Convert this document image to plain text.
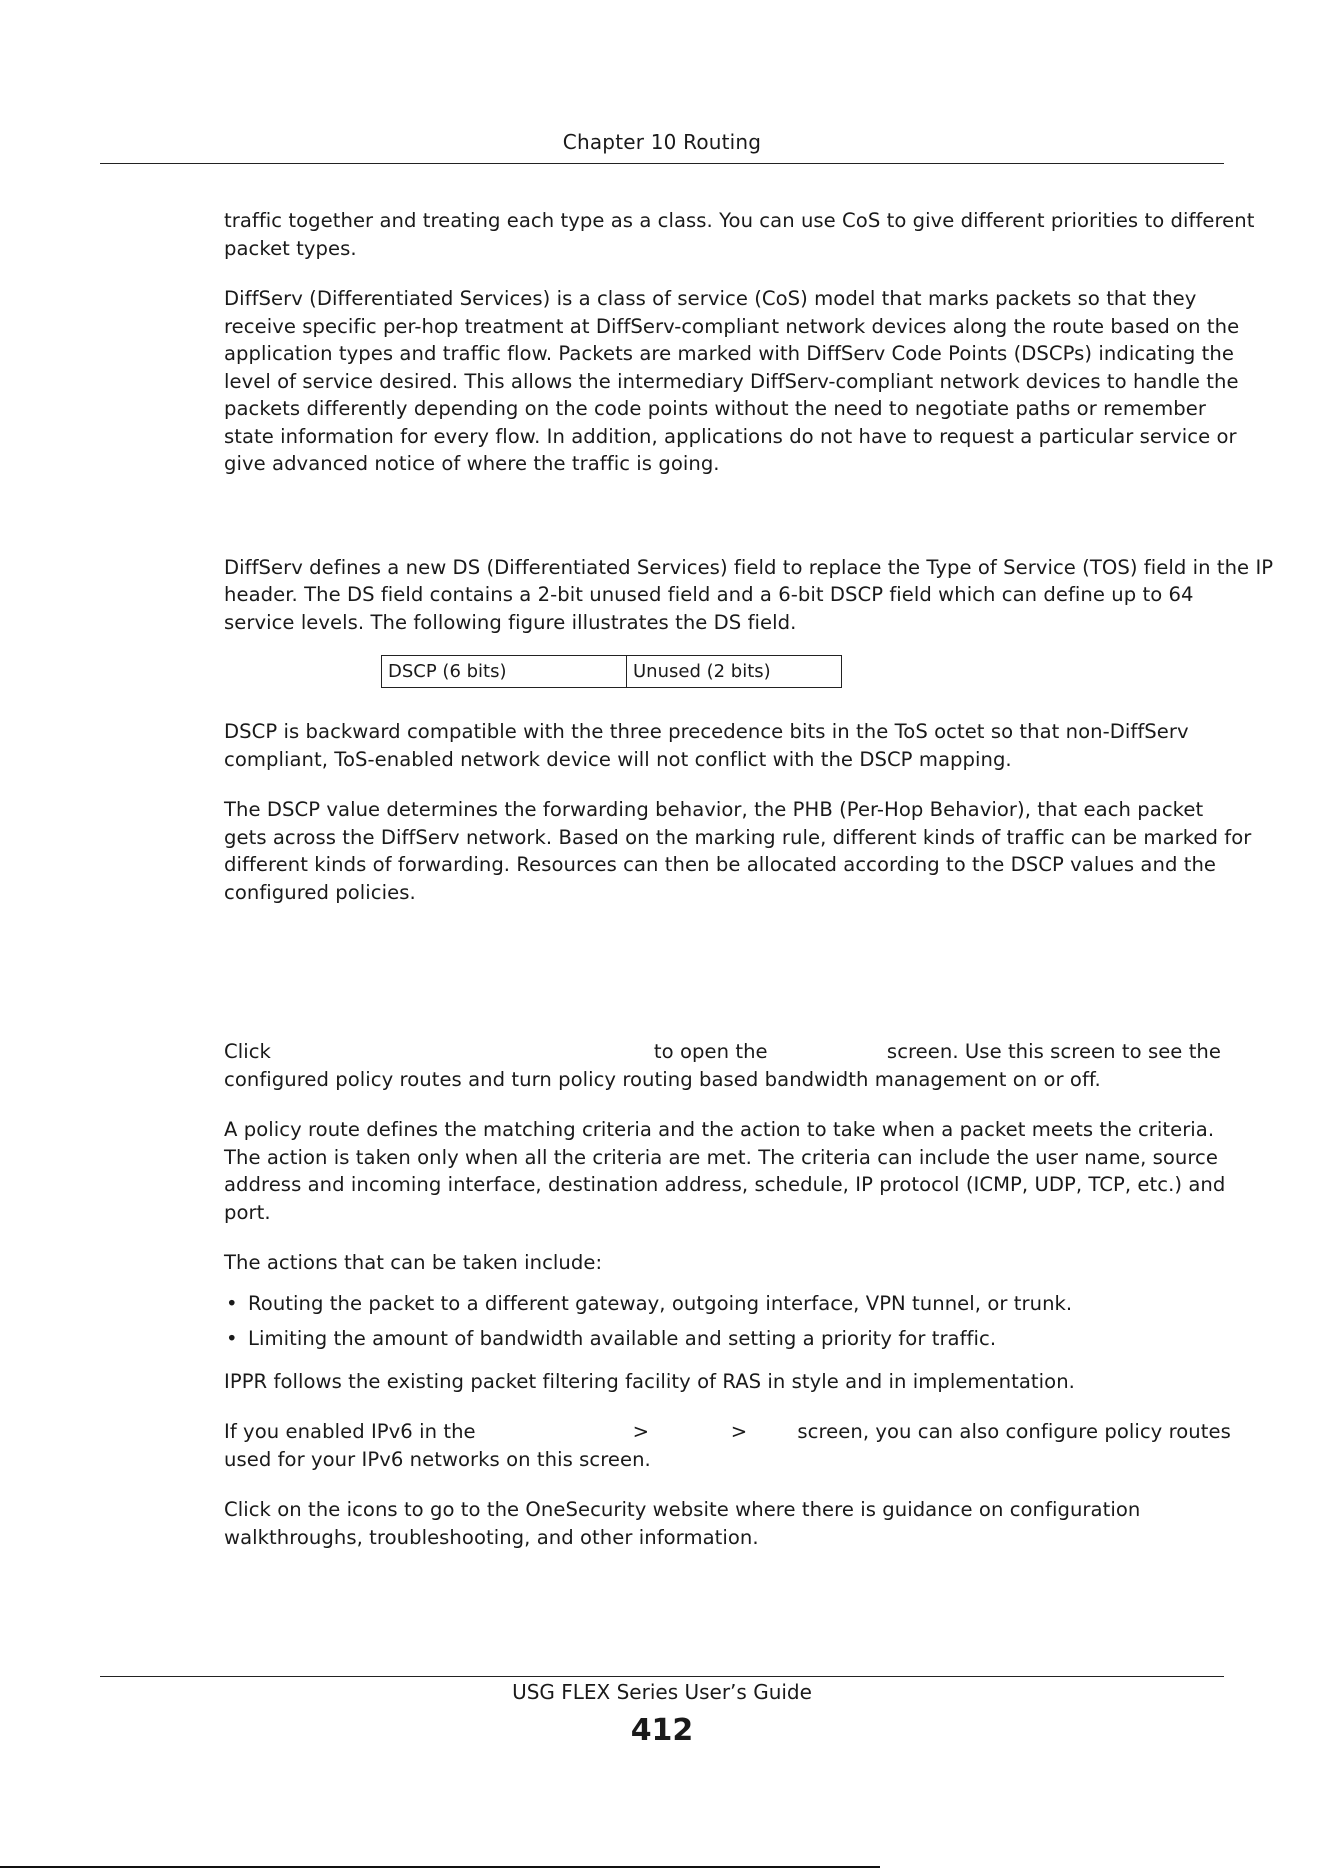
Chapter 10 Routing

traffic together and treating each type as a class. You can use CoS to give different priorities to different

packet types.

DiffServ (Differentiated Services) is a class of service (CoS) model that marks packets so that they

receive specific per-hop treatment at DiffServ-compliant network devices along the route based on the

application types and traffic flow. Packets are marked with DiffServ Code Points (DSCPs) indicating the

level of service desired. This allows the intermediary DiffServ-compliant network devices to handle the

packets differently depending on the code points without the need to negotiate paths or remember

state information for every flow. In addition, applications do not have to request a particular service or

give advanced notice of where the traffic is going.

DiffServ defines a new DS (Differentiated Services) field to replace the Type of Service (TOS) field in the IP

header. The DS field contains a 2-bit unused field and a 6-bit DSCP field which can define up to 64

service levels. The following figure illustrates the DS field.

DSCP (6 bits)	Unused (2 bits)

DSCP is backward compatible with the three precedence bits in the ToS octet so that non-DiffServ

compliant, ToS-enabled network device will not conflict with the DSCP mapping.

The DSCP value determines the forwarding behavior, the PHB (Per-Hop Behavior), that each packet

gets across the DiffServ network. Based on the marking rule, different kinds of traffic can be marked for

different kinds of forwarding. Resources can then be allocated according to the DSCP values and the

configured policies.

Click                                                             to open the                   screen. Use this screen to see the

configured policy routes and turn policy routing based bandwidth management on or off.

A policy route defines the matching criteria and the action to take when a packet meets the criteria.

The action is taken only when all the criteria are met. The criteria can include the user name, source

address and incoming interface, destination address, schedule, IP protocol (ICMP, UDP, TCP, etc.) and

port.

The actions that can be taken include:

• Routing the packet to a different gateway, outgoing interface, VPN tunnel, or trunk.

• Limiting the amount of bandwidth available and setting a priority for traffic.

IPPR follows the existing packet filtering facility of RAS in style and in implementation.

If you enabled IPv6 in the                         >             >        screen, you can also configure policy routes

used for your IPv6 networks on this screen.

Click on the icons to go to the OneSecurity website where there is guidance on configuration

walkthroughs, troubleshooting, and other information.

USG FLEX Series User’s Guide
412
